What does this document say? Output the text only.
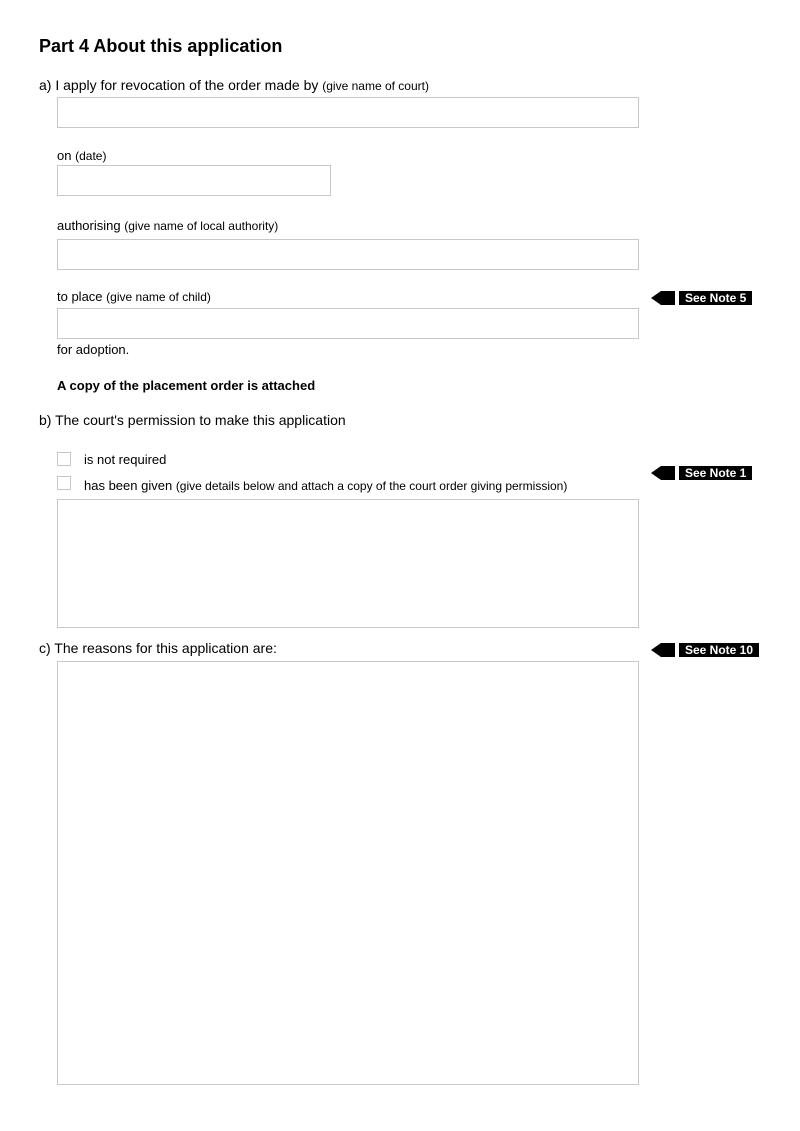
Part 4 About this application
a) I apply for revocation of the order made by (give name of court)
on (date)
authorising (give name of local authority)
to place (give name of child)	See Note 5
for adoption.
A copy of the placement order is attached
b) The court's permission to make this application
is not required
has been given (give details below and attach a copy of the court order giving permission)
See Note 1
c) The reasons for this application are:	See Note 10
